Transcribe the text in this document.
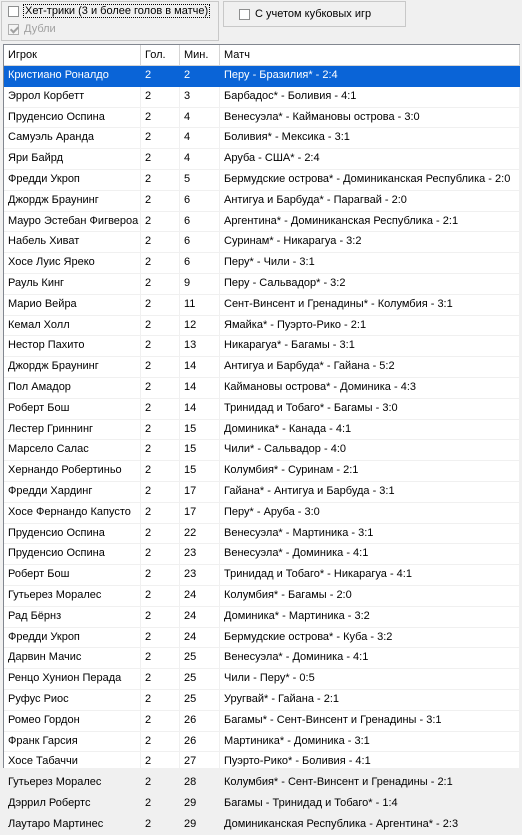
Хет-трики (3 и более голов в матче)
Дубли
С учетом кубковых игр
Игрок	Гол.	Мин.	Матч
Кристиано Роналдо	2	2	Перу - Бразилия* - 2:4
Эррол Корбетт	2	3	Барбадос* - Боливия - 4:1
Пруденсио Оспина	2	4	Венесуэла* - Каймановы острова - 3:0
Самуэль Аранда	2	4	Боливия* - Мексика - 3:1
Яри Байрд	2	4	Аруба - США* - 2:4
Фредди Укроп	2	5	Бермудские острова* - Доминиканская Республика - 2:0
Джордж Браунинг	2	6	Антигуа и Барбуда* - Парагвай - 2:0
Мауро Эстебан Фигвероа 2	6	Аргентина* - Доминиканская Республика - 2:1
Набель Хиват	2	6	Суринам* - Никарагуа - 3:2
Хосе Луис Яреко	2	6	Перу* - Чили - 3:1
Рауль Кинг	2	9	Перу - Сальвадор* - 3:2
Марио Вейра	2	11	Сент-Винсент и Гренадины* - Колумбия - 3:1
Кемал Холл	2	12	Ямайка* - Пуэрто-Рико - 2:1
Нестор Пахито	2	13	Никарагуа* - Багамы - 3:1
Джордж Браунинг	2	14	Антигуа и Барбуда* - Гайана - 5:2
Пол Амадор	2	14	Каймановы острова* - Доминика - 4:3
Роберт Бош	2	14	Тринидад и Тобаго* - Багамы - 3:0
Лестер Гриннинг	2	15	Доминика* - Канада - 4:1
Марсело Салас	2	15	Чили* - Сальвадор - 4:0
Хернандо Робертиньо	2	15	Колумбия* - Суринам - 2:1
Фредди Хардинг	2	17	Гайана* - Антигуа и Барбуда - 3:1
Хосе Фернандо Капусто	2	17	Перу* - Аруба - 3:0
Пруденсио Оспина	2	22	Венесуэла* - Мартиника - 3:1
Пруденсио Оспина	2	23	Венесуэла* - Доминика - 4:1
Роберт Бош	2	23	Тринидад и Тобаго* - Никарагуа - 4:1
Гутьерез Моралес	2	24	Колумбия* - Багамы - 2:0
Рад Бёрнз	2	24	Доминика* - Мартиника - 3:2
Фредди Укроп	2	24	Бермудские острова* - Куба - 3:2
Дарвин Мачис	2	25	Венесуэла* - Доминика - 4:1
Ренцо Хунион Перада	2	25	Чили - Перу* - 0:5
Руфус Риос	2	25	Уругвай* - Гайана - 2:1
Ромео Гордон	2	26	Багамы* - Сент-Винсент и Гренадины - 3:1
Франк Гарсия	2	26	Мартиника* - Доминика - 3:1
Хосе Табаччи	2	27	Пуэрто-Рико* - Боливия - 4:1
Гутьерез Моралес	2	28	Колумбия* - Сент-Винсент и Гренадины - 2:1
Дэррил Робертс	2	29	Багамы - Тринидад и Тобаго* - 1:4
Лаутаро Мартинес	2	29	Доминиканская Республика - Аргентина* - 2:3
